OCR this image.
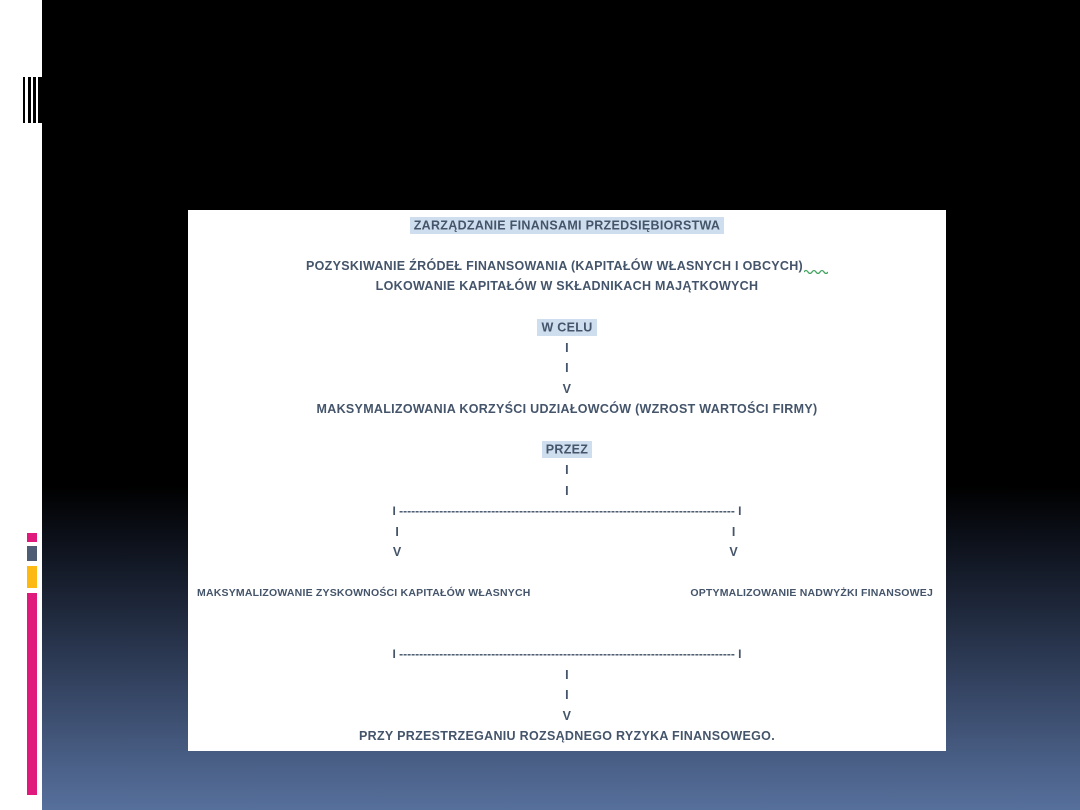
ZARZĄDZANIE FINANSAMI PRZEDSIĘBIORSTWA
POZYSKIWANIE ŹRÓDEŁ FINANSOWANIA (KAPITAŁÓW WŁASNYCH I OBCYCH)
LOKOWANIE KAPITAŁÓW W SKŁADNIKACH MAJĄTKOWYCH
W CELU
I
I
V
MAKSYMALIZOWANIA KORZYŚCI UDZIAŁOWCÓW (WZROST WARTOŚCI FIRMY)
PRZEZ
I
I
I ------------------------------------------------------------------------------------ I
I	I
V	V
MAKSYMALIZOWANIE ZYSKOWNOŚCI KAPITAŁÓW WŁASNYCH	OPTYMALIZOWANIE NADWYŻKI FINANSOWEJ
I ------------------------------------------------------------------------------------ I
I
I
V
PRZY PRZESTRZEGANIU ROZSĄDNEGO RYZYKA FINANSOWEGO.
